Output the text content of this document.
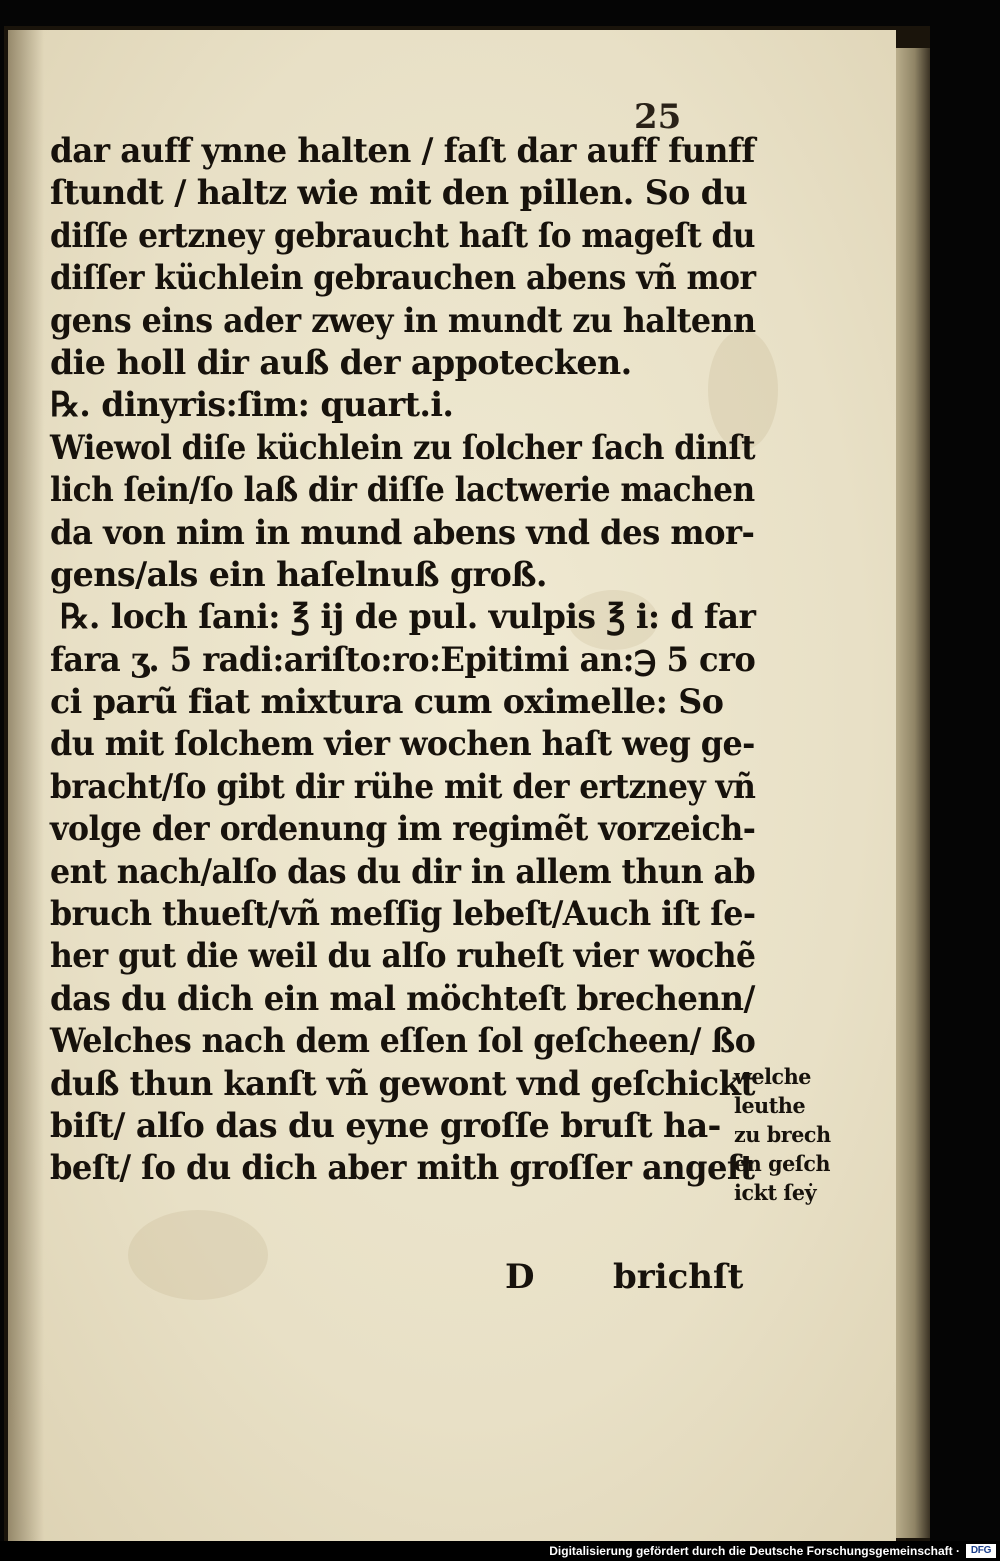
25
dar auff ynne halten / faſt dar auff funff
ſtundt / haltz wie mit den pillen. So du
diſſe ertzney gebraucht haſt ſo mageſt du
diſſer küchlein gebrauchen abens vñ mor
gens eins ader zwey in mundt zu haltenn
die holl dir auß der appotecken.
℞. dinyris:ſim: quart.i.
Wiewol diſe küchlein zu ſolcher ſach dinſt
lich ſein/ſo laß dir diſſe lactwerie machen
da von nim in mund abens vnd des mor-
gens/als ein haſelnuß groß.
℞. loch ſani: ℥ ij de pul. vulpis ℥ i: d far
fara ʒ. 5 radi:ariſto:ro:Epitimi an:℈ 5 cro
ci parũ fiat mixtura cum oximelle: So
du mit ſolchem vier wochen haſt weg ge-
bracht/ſo gibt dir rühe mit der ertzney vñ
volge der ordenung im regimẽt vorzeich-
ent nach/alſo das du dir in allem thun ab
bruch thueſt/vñ meſſig lebeſt/Auch iſt ſe-
her gut die weil du alſo ruheſt vier wochẽ
das du dich ein mal möchteſt brechenn/
Welches nach dem eſſen ſol geſcheen/ ßo
duß thun kanſt vñ gewont vnd geſchickt
biſt/ alſo das du eyne groſſe bruſt ha-
beſt/ ſo du dich aber mith groſſer angeſt
welche
leuthe
zu brech
en geſch
ickt ſeẏ
D brichſt
Digitalisierung gefördert durch die Deutsche Forschungsgemeinschaft ·	DFG
